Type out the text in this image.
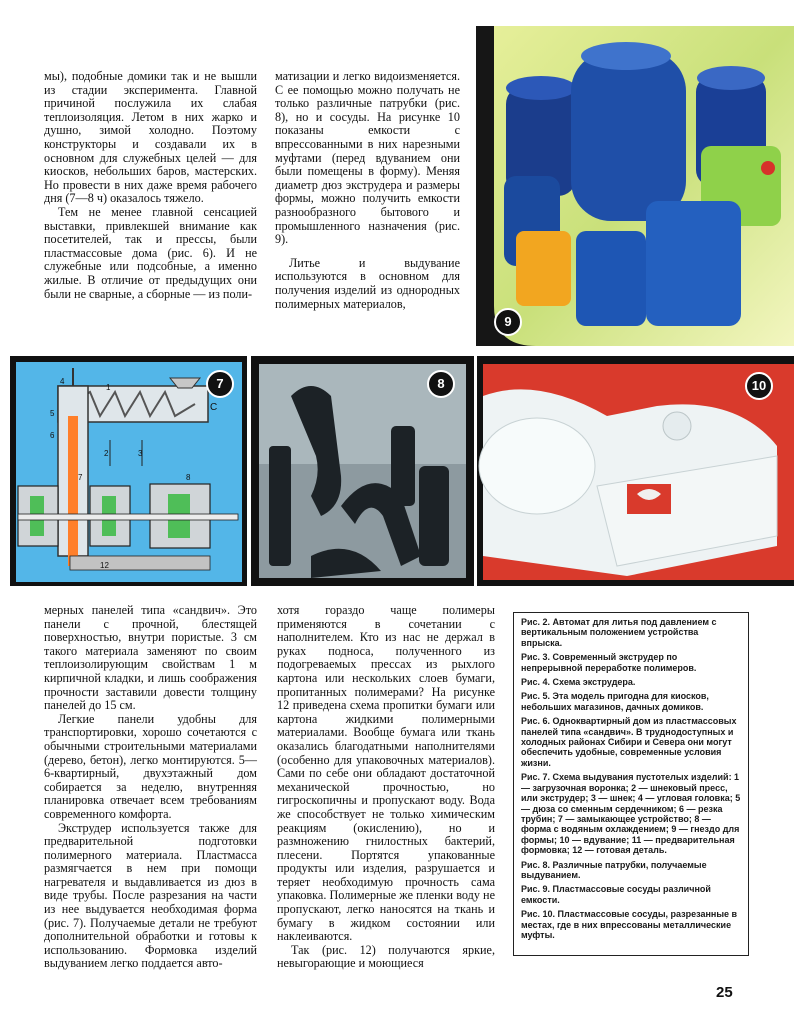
мы), подобные домики так и не вышли из стадии эксперимента. Главной причиной послужила их слабая теплоизоляция. Летом в них жарко и душно, зимой холодно. Поэтому конструкторы и создавали их в основном для служебных целей — для киосков, небольших баров, мастерских. Но провести в них даже время рабочего дня (7—8 ч) оказалось тяжело.

Тем не менее главной сенсацией выставки, привлекшей внимание как посетителей, так и прессы, были пластмассовые дома (рис. 6). И не служебные или подсобные, а именно жилые. В отличие от предыдущих они были не сварные, а сборные — из поли-

матизации и легко видоизменяется. С ее помощью можно получать не только различные патрубки (рис. 8), но и сосуды. На рисунке 10 показаны емкости с впрессованными в них нарезными муфтами (перед вдуванием они были помещены в форму). Меняя диаметр дюз экструдера и размеры формы, можно получить емкости разнообразного бытового и промышленного назначения (рис. 9).

Литье и выдувание используются в основном для получения изделий из однородных полимерных материалов,

9
1
2	3
4
5
6
7	8
С
12
7	8	10

мерных панелей типа «сандвич». Это панели с прочной, блестящей поверхностью, внутри пористые. 3 см такого материала заменяют по своим теплоизолирующим свойствам 1 м кирпичной кладки, и лишь соображения прочности заставили довести толщину панелей до 15 см.

Легкие панели удобны для транспортировки, хорошо сочетаются с обычными строительными материалами (дерево, бетон), легко монтируются. 5—6-квартирный, двухэтажный дом собирается за неделю, внутренняя планировка отвечает всем требованиям современного комфорта.

Экструдер используется также для предварительной подготовки полимерного материала. Пластмасса размягчается в нем при помощи нагревателя и выдавливается из дюз в виде трубы. После разрезания на части из нее выдувается необходимая форма (рис. 7). Получаемые детали не требуют дополнительной обработки и готовы к использованию. Формовка изделий выдуванием легко поддается авто-

хотя гораздо чаще полимеры применяются в сочетании с наполнителем. Кто из нас не держал в руках подноса, полученного из подогреваемых прессах из рыхлого картона или нескольких слоев бумаги, пропитанных полимерами? На рисунке 12 приведена схема пропитки бумаги или картона жидкими полимерными материалами. Вообще бумага или ткань оказались благодатными наполнителями (особенно для упаковочных материалов). Сами по себе они обладают достаточной механической прочностью, но гигроскопичны и пропускают воду. Вода же способствует не только химическим реакциям (окислению), но и размножению гнилостных бактерий, плесени. Портятся упакованные продукты или изделия, разрушается и теряет необходимую прочность сама упаковка. Полимерные же пленки воду не пропускают, легко наносятся на ткань и бумагу в жидком состоянии или наклеиваются.

Так (рис. 12) получаются яркие, невыгорающие и моющиеся

Рис. 2. Автомат для литья под давлением с вертикальным положением устройства впрыска.

Рис. 3. Современный экструдер по непрерывной переработке полимеров.

Рис. 4. Схема экструдера.

Рис. 5. Эта модель пригодна для киосков, небольших магазинов, дачных домиков.

Рис. 6. Одноквартирный дом из пластмассовых панелей типа «сандвич». В труднодоступных и холодных районах Сибири и Севера они могут обеспечить удобные, современные условия жизни.

Рис. 7. Схема выдувания пустотелых изделий: 1 — загрузочная воронка; 2 — шнековый пресс, или экструдер; 3 — шнек; 4 — угловая головка; 5 — дюза со сменным сердечником; 6 — резка трубин; 7 — замыкающее устройство; 8 — форма с водяным охлаждением; 9 — гнездо для формы; 10 — вдувание; 11 — предварительная формовка; 12 — готовая деталь.

Рис. 8. Различные патрубки, получаемые выдуванием.

Рис. 9. Пластмассовые сосуды различной емкости.

Рис. 10. Пластмассовые сосуды, разрезанные в местах, где в них впрессованы металлические муфты.

25
